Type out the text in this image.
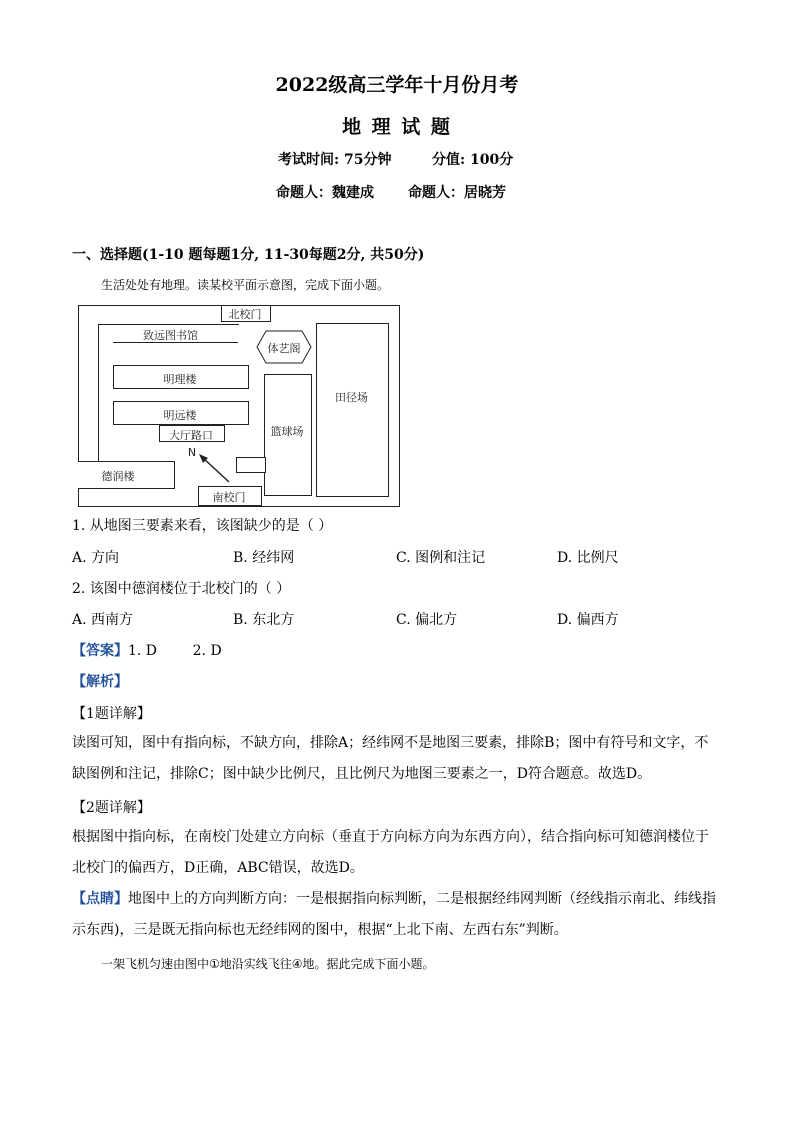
2022级高三学年十月份月考
地 理 试 题
考试时间: 75分钟	分值: 100分
命题人：魏建成 命题人：居晓芳
一、选择题(1-10 题每题1分, 11-30每题2分, 共50分)
生活处处有地理。读某校平面示意图，完成下面小题。
北校门
致远图书馆
体艺阁
田径场
明理楼
明远楼
大厅路口	篮球场
N
德润楼
南校门
1. 从地图三要素来看，该图缺少的是（ ）
A. 方向	B. 经纬网	C. 图例和注记	D. 比例尺
2. 该图中德润楼位于北校门的（ ）
A. 西南方	B. 东北方	C. 偏北方	D. 偏西方
【答案】1. D        2. D
【解析】
【1题详解】
读图可知，图中有指向标，不缺方向，排除A；经纬网不是地图三要素，排除B；图中有符号和文字，不缺图例和注记，排除C；图中缺少比例尺，且比例尺为地图三要素之一，D符合题意。故选D。
【2题详解】
根据图中指向标，在南校门处建立方向标（垂直于方向标方向为东西方向），结合指向标可知德润楼位于北校门的偏西方，D正确，ABC错误，故选D。
【点睛】地图中上的方向判断方向：一是根据指向标判断，二是根据经纬网判断（经线指示南北、纬线指示东西)，三是既无指向标也无经纬网的图中，根据“上北下南、左西右东”判断。
一架飞机匀速由图中①地沿实线飞往④地。据此完成下面小题。
